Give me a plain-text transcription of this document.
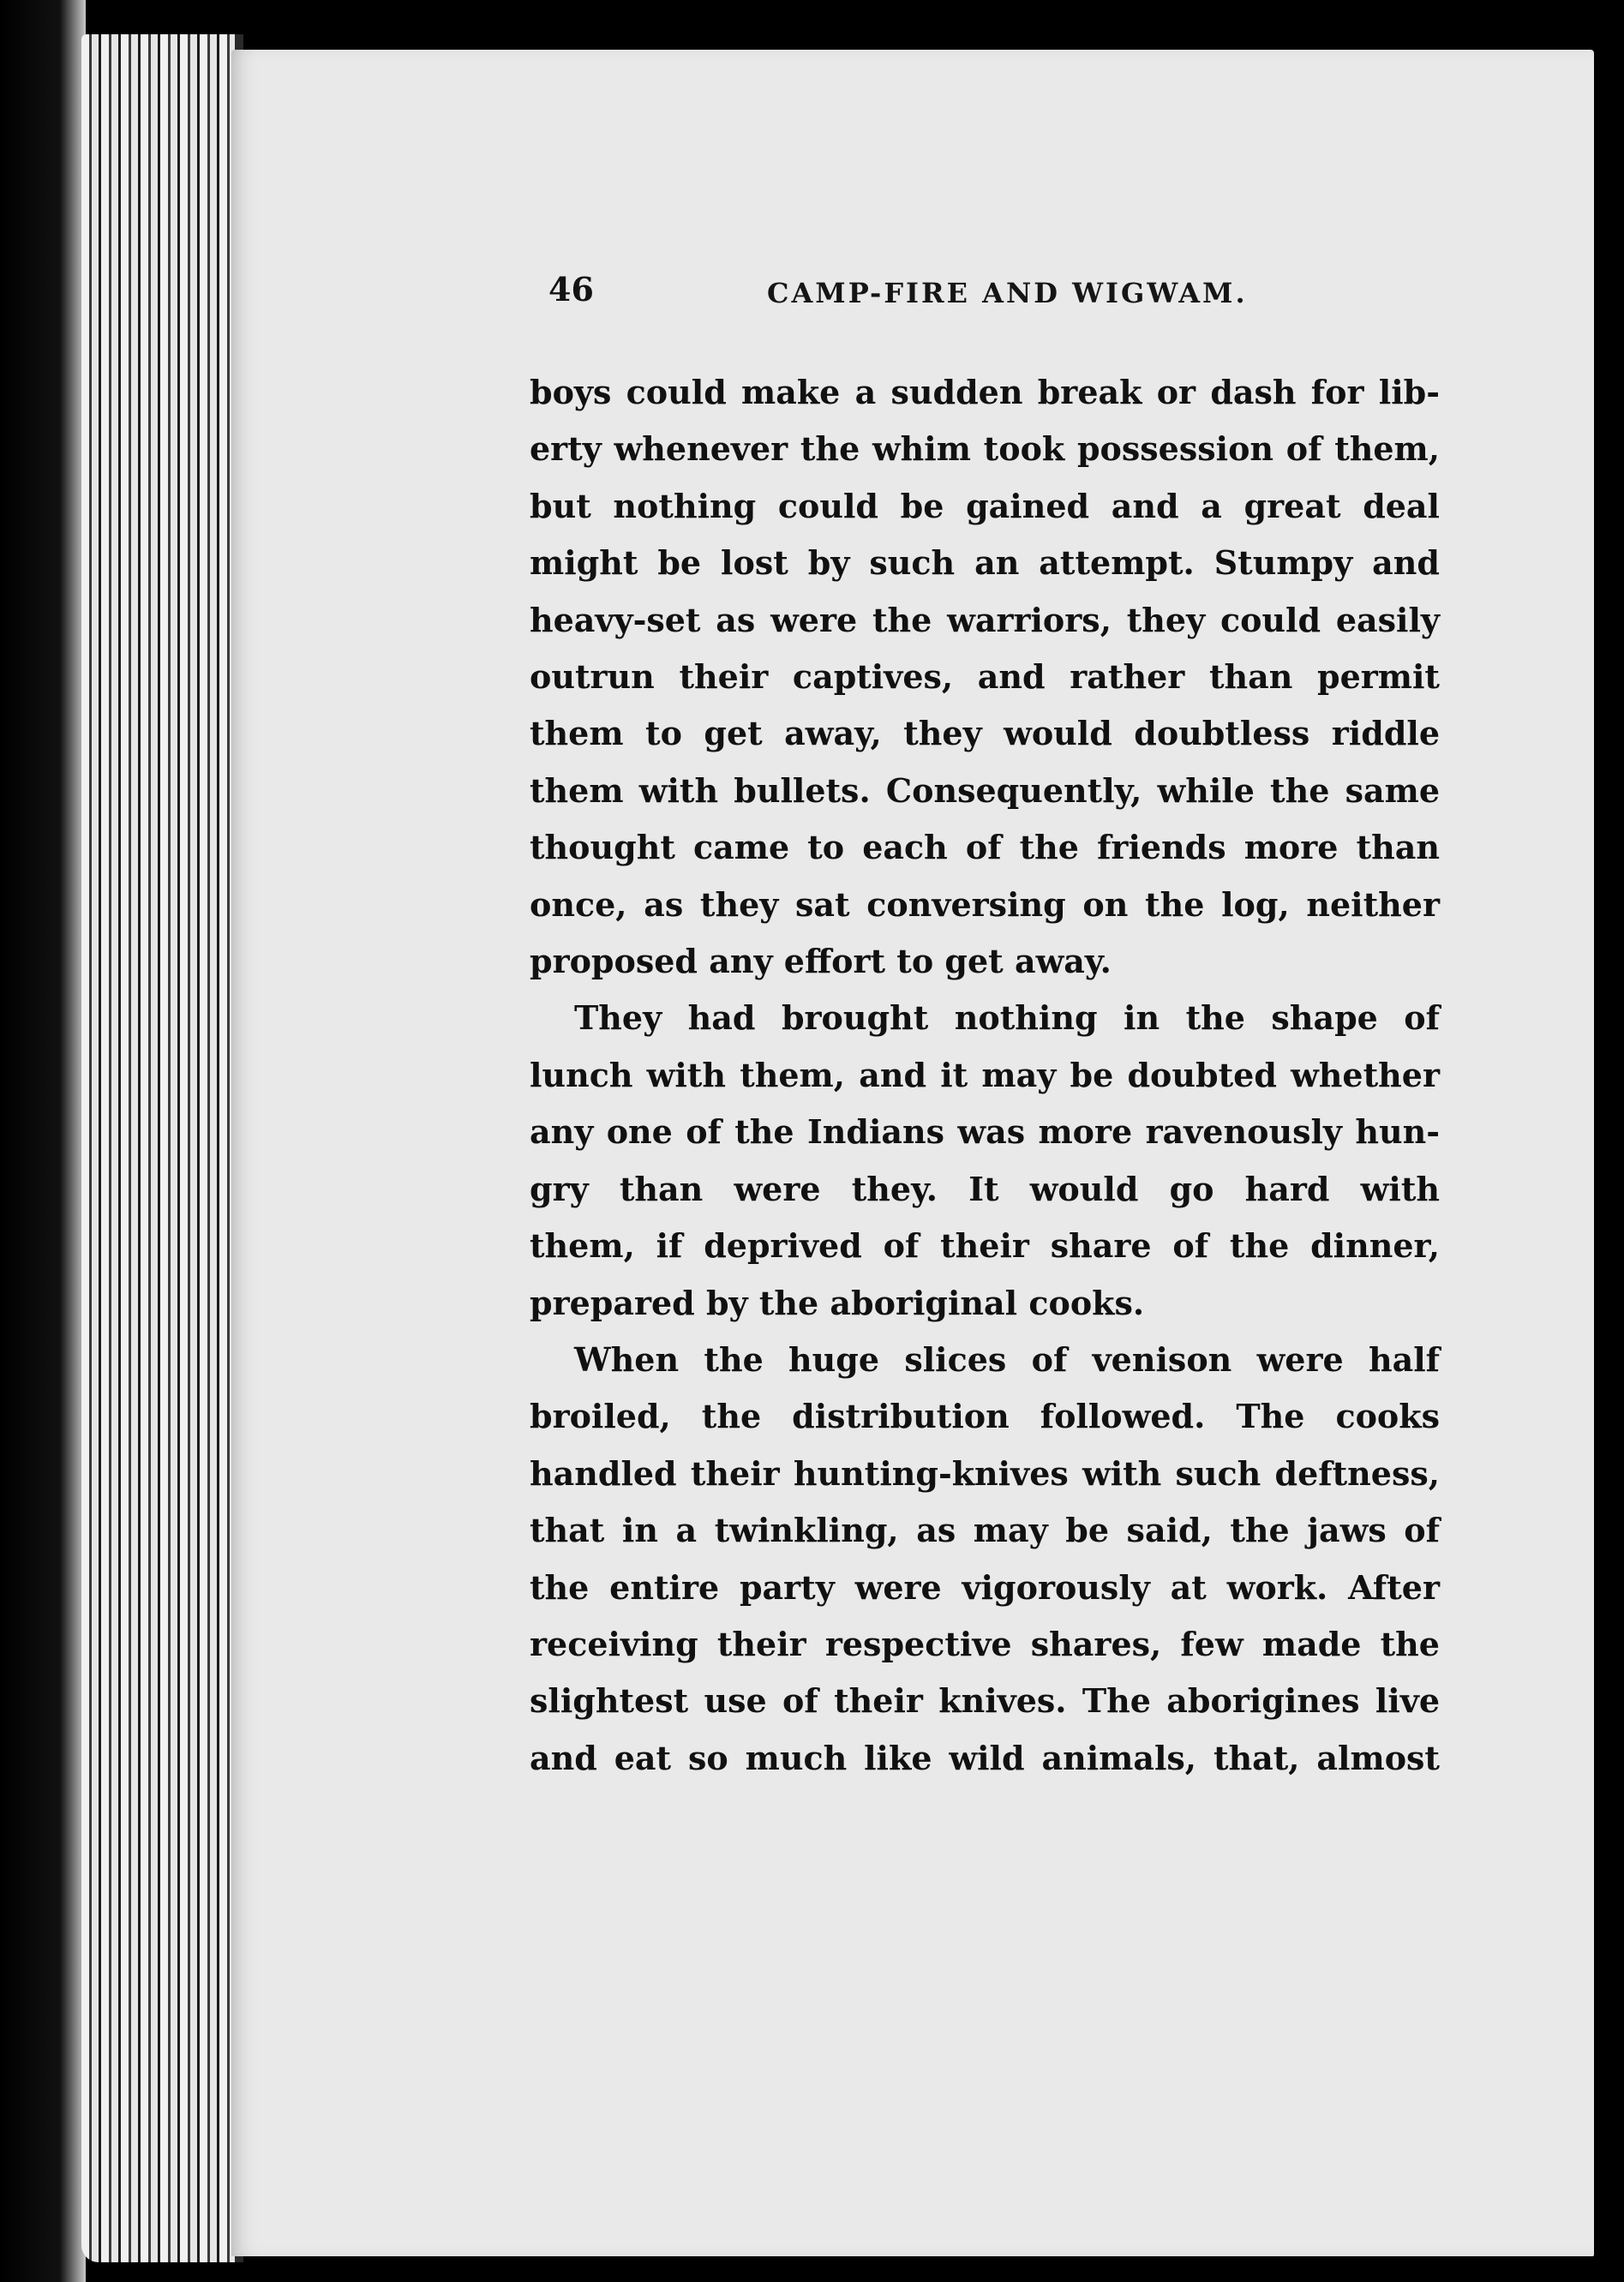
46	CAMP-FIRE AND WIGWAM.

boys could make a sudden break or dash for lib-
erty whenever the whim took possession of them,
but nothing could be gained and a great deal
might be lost by such an attempt. Stumpy and
heavy-set as were the warriors, they could easily
outrun their captives, and rather than permit
them to get away, they would doubtless riddle
them with bullets. Consequently, while the same
thought came to each of the friends more than
once, as they sat conversing on the log, neither
proposed any effort to get away.

They had brought nothing in the shape of
lunch with them, and it may be doubted whether
any one of the Indians was more ravenously hun-
gry than were they. It would go hard with
them, if deprived of their share of the dinner,
prepared by the aboriginal cooks.

When the huge slices of venison were half
broiled, the distribution followed. The cooks
handled their hunting-knives with such deftness,
that in a twinkling, as may be said, the jaws of
the entire party were vigorously at work. After
receiving their respective shares, few made the
slightest use of their knives. The aborigines live
and eat so much like wild animals, that, almost
